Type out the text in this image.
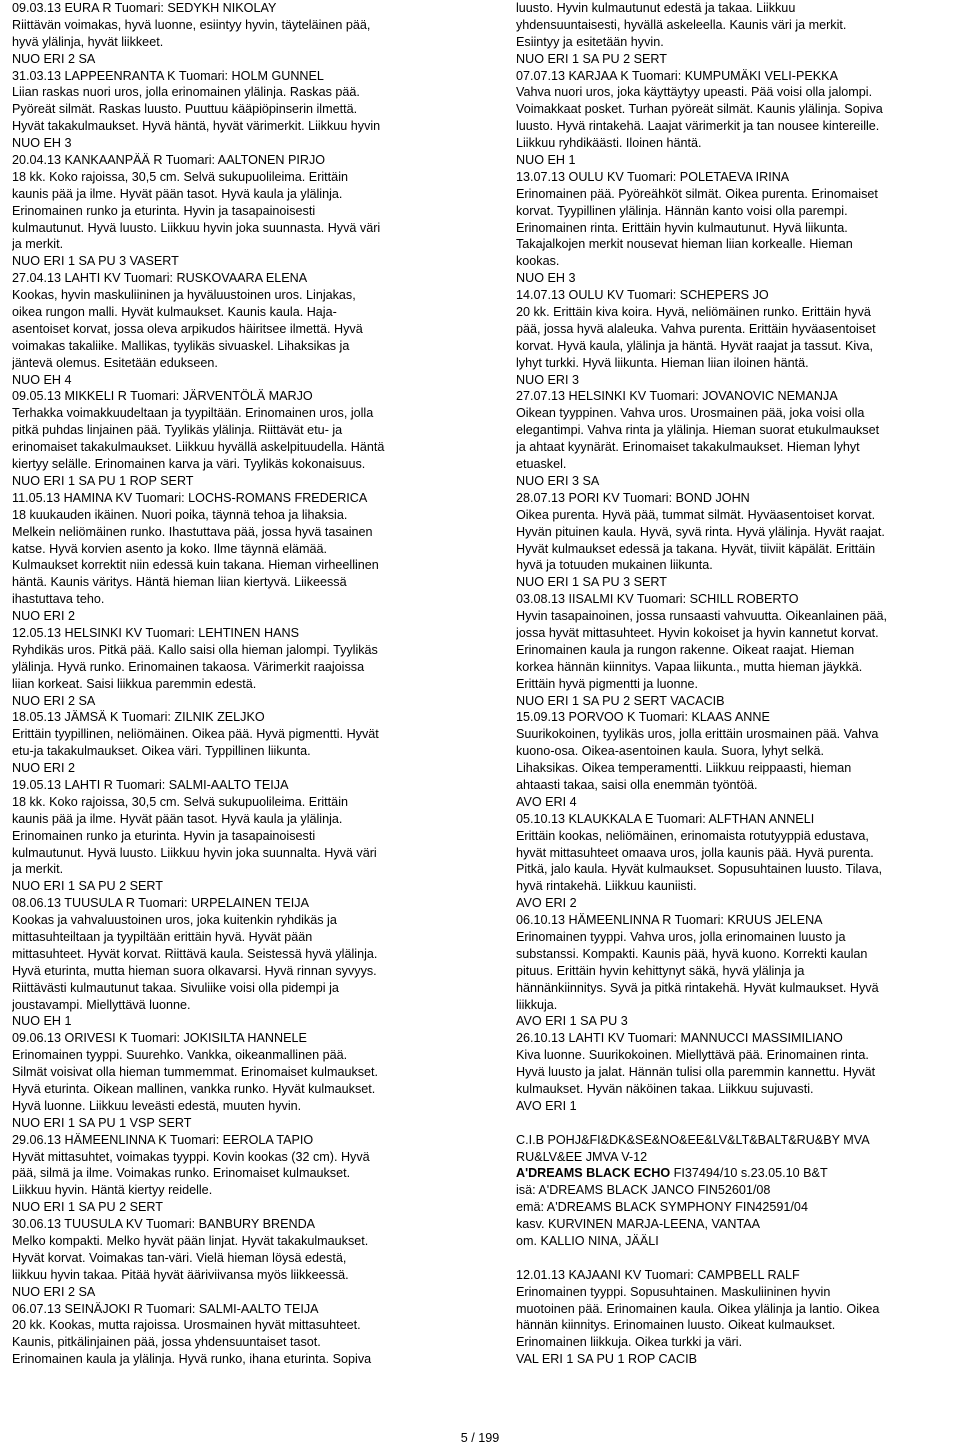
09.03.13 EURA R Tuomari: SEDYKH NIKOLAY
Riittävän voimakas, hyvä luonne, esiintyy hyvin, täyteläinen pää,
hyvä ylälinja, hyvät liikkeet.
NUO ERI 2 SA
31.03.13 LAPPEENRANTA K Tuomari: HOLM GUNNEL
Liian raskas nuori uros, jolla erinomainen ylälinja. Raskas pää.
Pyöreät silmät. Raskas luusto. Puuttuu kääpiöpinserin ilmettä.
Hyvät takakulmaukset. Hyvä häntä, hyvät värimerkit. Liikkuu hyvin
NUO EH 3
20.04.13 KANKAANPÄÄ R Tuomari: AALTONEN PIRJO
18 kk. Koko rajoissa, 30,5 cm. Selvä sukupuolileima. Erittäin
kaunis pää ja ilme. Hyvät pään tasot. Hyvä kaula ja ylälinja.
Erinomainen runko ja eturinta. Hyvin ja tasapainoisesti
kulmautunut. Hyvä luusto. Liikkuu hyvin joka suunnasta. Hyvä väri
ja merkit.
NUO ERI 1 SA PU 3 VASERT
27.04.13 LAHTI KV Tuomari: RUSKOVAARA ELENA
Kookas, hyvin maskuliininen ja hyväluustoinen uros. Linjakas,
oikea rungon malli. Hyvät kulmaukset. Kaunis kaula. Haja-
asentoiset korvat, jossa oleva arpikudos häiritsee ilmettä. Hyvä
voimakas takaliike. Mallikas, tyylikäs sivuaskel. Lihaksikas ja
jäntevä olemus. Esitetään edukseen.
NUO EH 4
09.05.13 MIKKELI R Tuomari: JÄRVENTÖLÄ MARJO
Terhakka voimakkuudeltaan ja tyypiltään. Erinomainen uros, jolla
pitkä puhdas linjainen pää. Tyylikäs ylälinja. Riittävät etu- ja
erinomaiset takakulmaukset. Liikkuu hyvällä askelpituudella. Häntä
kiertyy selälle. Erinomainen karva ja väri. Tyylikäs kokonaisuus.
NUO ERI 1 SA PU 1 ROP SERT
11.05.13 HAMINA KV Tuomari: LOCHS-ROMANS FREDERICA
18 kuukauden ikäinen. Nuori poika, täynnä tehoa ja lihaksia.
Melkein neliömäinen runko. Ihastuttava pää, jossa hyvä tasainen
katse. Hyvä korvien asento ja koko. Ilme täynnä elämää.
Kulmaukset korrektit niin edessä kuin takana. Hieman virheellinen
häntä. Kaunis väritys. Häntä hieman liian kiertyvä. Liikeessä
ihastuttava teho.
NUO ERI 2
12.05.13 HELSINKI KV Tuomari: LEHTINEN HANS
Ryhdikäs uros. Pitkä pää. Kallo saisi olla hieman jalompi. Tyylikäs
ylälinja. Hyvä runko. Erinomainen takaosa. Värimerkit raajoissa
liian korkeat. Saisi liikkua paremmin edestä.
NUO ERI 2 SA
18.05.13 JÄMSÄ K Tuomari: ZILNIK ZELJKO
Erittäin tyypillinen, neliömäinen. Oikea pää. Hyvä pigmentti. Hyvät
etu-ja takakulmaukset. Oikea väri. Typpillinen liikunta.
NUO ERI 2
19.05.13 LAHTI R Tuomari: SALMI-AALTO TEIJA
18 kk. Koko rajoissa, 30,5 cm. Selvä sukupuolileima. Erittäin
kaunis pää ja ilme. Hyvät pään tasot. Hyvä kaula ja ylälinja.
Erinomainen runko ja eturinta. Hyvin ja tasapainoisesti
kulmautunut. Hyvä luusto. Liikkuu hyvin joka suunnalta. Hyvä väri
ja merkit.
NUO ERI 1 SA PU 2 SERT
08.06.13 TUUSULA R Tuomari: URPELAINEN TEIJA
Kookas ja vahvaluustoinen uros, joka kuitenkin ryhdikäs ja
mittasuhteiltaan ja tyypiltään erittäin hyvä. Hyvät pään
mittasuhteet. Hyvät korvat. Riittävä kaula. Seistessä hyvä ylälinja.
Hyvä eturinta, mutta hieman suora olkavarsi. Hyvä rinnan syvyys.
Riittävästi kulmautunut takaa. Sivuliike voisi olla pidempi ja
joustavampi. Miellyttävä luonne.
NUO EH 1
09.06.13 ORIVESI K Tuomari: JOKISILTA HANNELE
Erinomainen tyyppi. Suurehko. Vankka, oikeanmallinen pää.
Silmät voisivat olla hieman tummemmat. Erinomaiset kulmaukset.
Hyvä eturinta. Oikean mallinen, vankka runko. Hyvät kulmaukset.
Hyvä luonne. Liikkuu leveästi edestä, muuten hyvin.
NUO ERI 1 SA PU 1 VSP SERT
29.06.13 HÄMEENLINNA K Tuomari: EEROLA TAPIO
Hyvät mittasuhtet, voimakas tyyppi. Kovin kookas (32 cm). Hyvä
pää, silmä ja ilme. Voimakas runko. Erinomaiset kulmaukset.
Liikkuu hyvin. Häntä kiertyy reidelle.
NUO ERI 1 SA PU 2 SERT
30.06.13 TUUSULA KV Tuomari: BANBURY BRENDA
Melko kompakti. Melko hyvät pään linjat. Hyvät takakulmaukset.
Hyvät korvat. Voimakas tan-väri. Vielä hieman löysä edestä,
liikkuu hyvin takaa. Pitää hyvät ääriviivansa myös liikkeessä.
NUO ERI 2 SA
06.07.13 SEINÄJOKI R Tuomari: SALMI-AALTO TEIJA
20 kk. Kookas, mutta rajoissa. Urosmainen hyvät mittasuhteet.
Kaunis, pitkälinjainen pää, jossa yhdensuuntaiset tasot.
Erinomainen kaula ja ylälinja. Hyvä runko, ihana eturinta. Sopiva
luusto. Hyvin kulmautunut edestä ja takaa. Liikkuu
yhdensuuntaisesti, hyvällä askeleella. Kaunis väri ja merkit.
Esiintyy ja esitetään hyvin.
NUO ERI 1 SA PU 2 SERT
07.07.13 KARJAA K Tuomari: KUMPUMÄKI VELI-PEKKA
Vahva nuori uros, joka käyttäytyy upeasti. Pää voisi olla jalompi.
Voimakkaat posket. Turhan pyöreät silmät. Kaunis ylälinja. Sopiva
luusto. Hyvä rintakehä. Laajat värimerkit ja tan nousee kintereille.
Liikkuu ryhdikäästi. Iloinen häntä.
NUO EH 1
13.07.13 OULU KV Tuomari: POLETAEVA IRINA
Erinomainen pää. Pyöreähköt silmät. Oikea purenta. Erinomaiset
korvat. Tyypillinen ylälinja. Hännän kanto voisi olla parempi.
Erinomainen rinta. Erittäin hyvin kulmautunut. Hyvä liikunta.
Takajalkojen merkit nousevat hieman liian korkealle. Hieman
kookas.
NUO EH 3
14.07.13 OULU KV Tuomari: SCHEPERS JO
20 kk. Erittäin kiva koira. Hyvä, neliömäinen runko. Erittäin hyvä
pää, jossa hyvä alaleuka. Vahva purenta. Erittäin hyväasentoiset
korvat. Hyvä kaula, ylälinja ja häntä. Hyvät raajat ja tassut. Kiva,
lyhyt turkki. Hyvä liikunta. Hieman liian iloinen häntä.
NUO ERI 3
27.07.13 HELSINKI KV Tuomari: JOVANOVIC NEMANJA
Oikean tyyppinen. Vahva uros. Urosmainen pää, joka voisi olla
elegantimpi. Vahva rinta ja ylälinja. Hieman suorat etukulmaukset
ja ahtaat kyynärät. Erinomaiset takakulmaukset. Hieman lyhyt
etuaskel.
NUO ERI 3 SA
28.07.13 PORI KV Tuomari: BOND JOHN
Oikea purenta. Hyvä pää, tummat silmät. Hyväasentoiset korvat.
Hyvän pituinen kaula. Hyvä, syvä rinta. Hyvä ylälinja. Hyvät raajat.
Hyvät kulmaukset edessä ja takana. Hyvät, tiiviit käpälät. Erittäin
hyvä ja totuuden mukainen liikunta.
NUO ERI 1 SA PU 3 SERT
03.08.13 IISALMI KV Tuomari: SCHILL ROBERTO
Hyvin tasapainoinen, jossa runsaasti vahvuutta. Oikeanlainen pää,
jossa hyvät mittasuhteet. Hyvin kokoiset ja hyvin kannetut korvat.
Erinomainen kaula ja rungon rakenne. Oikeat raajat. Hieman
korkea hännän kiinnitys. Vapaa liikunta., mutta hieman jäykkä.
Erittäin hyvä pigmentti ja luonne.
NUO ERI 1 SA PU 2 SERT VACACIB
15.09.13 PORVOO K Tuomari: KLAAS ANNE
Suurikokoinen, tyylikäs uros, jolla erittäin urosmainen pää. Vahva
kuono-osa. Oikea-asentoinen kaula. Suora, lyhyt selkä.
Lihaksikas. Oikea temperamentti. Liikkuu reippaasti, hieman
ahtaasti takaa, saisi olla enemmän työntöä.
AVO ERI 4
05.10.13 KLAUKKALA E Tuomari: ALFTHAN ANNELI
Erittäin kookas, neliömäinen, erinomaista rotutyyppiä edustava,
hyvät mittasuhteet omaava uros, jolla kaunis pää. Hyvä purenta.
Pitkä, jalo kaula. Hyvät kulmaukset. Sopusuhtainen luusto. Tilava,
hyvä rintakehä. Liikkuu kauniisti.
AVO ERI 2
06.10.13 HÄMEENLINNA R Tuomari: KRUUS JELENA
Erinomainen tyyppi. Vahva uros, jolla erinomainen luusto ja
substanssi. Kompakti. Kaunis pää, hyvä kuono. Korrekti kaulan
pituus. Erittäin hyvin kehittynyt säkä, hyvä ylälinja ja
hännänkiinnitys. Syvä ja pitkä rintakehä. Hyvät kulmaukset. Hyvä
liikkuja.
AVO ERI 1 SA PU 3
26.10.13 LAHTI KV Tuomari: MANNUCCI MASSIMILIANO
Kiva luonne. Suurikokoinen. Miellyttävä pää. Erinomainen rinta.
Hyvä luusto ja jalat. Hännän tulisi olla paremmin kannettu. Hyvät
kulmaukset. Hyvän näköinen takaa. Liikkuu sujuvasti.
AVO ERI 1
C.I.B POHJ&FI&DK&SE&NO&EE&LV&LT&BALT&RU&BY MVA
RU&LV&EE JMVA V-12
A'DREAMS BLACK ECHO FI37494/10 s.23.05.10 B&T
isä: A'DREAMS BLACK JANCO FIN52601/08
emä: A'DREAMS BLACK SYMPHONY FIN42591/04
kasv. KURVINEN MARJA-LEENA, VANTAA
om. KALLIO NINA, JÄÄLI
12.01.13 KAJAANI KV Tuomari: CAMPBELL RALF
Erinomainen tyyppi. Sopusuhtainen. Maskuliininen hyvin
muotoinen pää. Erinomainen kaula. Oikea ylälinja ja lantio. Oikea
hännän kiinnitys. Erinomainen luusto. Oikeat kulmaukset.
Erinomainen liikkuja. Oikea turkki ja väri.
VAL ERI 1 SA PU 1 ROP CACIB
5 / 199
